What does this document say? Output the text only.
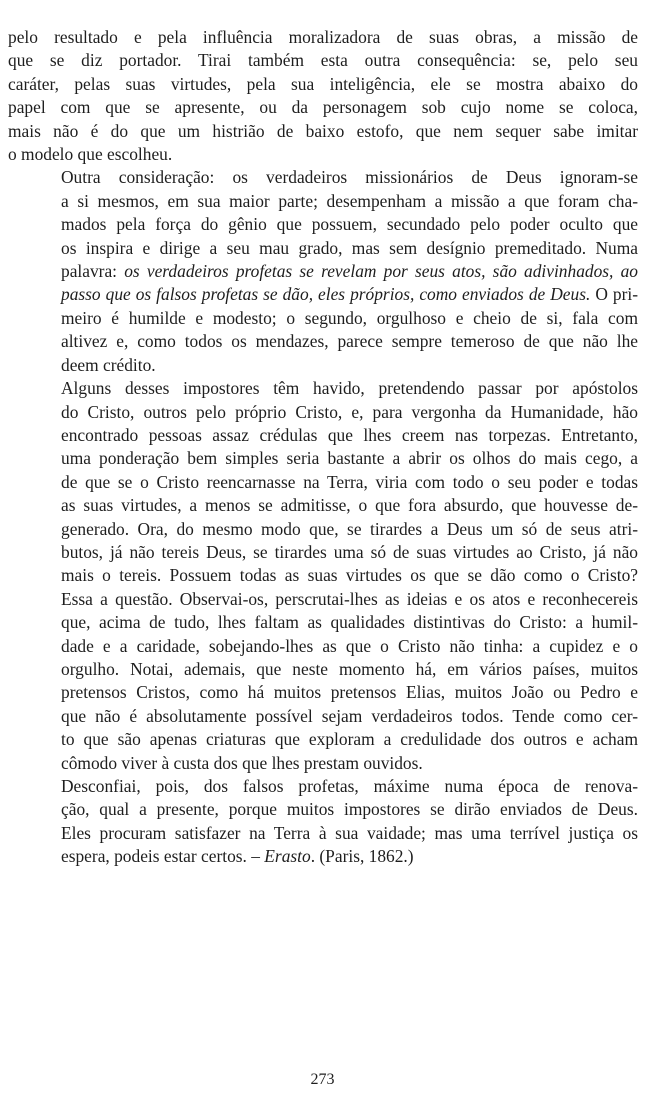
pelo resultado e pela influência moralizadora de suas obras, a missão de
que se diz portador. Tirai também esta outra consequência: se, pelo seu
caráter, pelas suas virtudes, pela sua inteligência, ele se mostra abaixo do
papel com que se apresente, ou da personagem sob cujo nome se coloca,
mais não é do que um histrião de baixo estofo, que nem sequer sabe imitar
o modelo que escolheu.

Outra consideração: os verdadeiros missionários de Deus ignoram-se
a si mesmos, em sua maior parte; desempenham a missão a que foram cha-
mados pela força do gênio que possuem, secundado pelo poder oculto que
os inspira e dirige a seu mau grado, mas sem desígnio premeditado. Numa
palavra: os verdadeiros profetas se revelam por seus atos, são adivinhados, ao
passo que os falsos profetas se dão, eles próprios, como enviados de Deus. O pri-
meiro é humilde e modesto; o segundo, orgulhoso e cheio de si, fala com
altivez e, como todos os mendazes, parece sempre temeroso de que não lhe
deem crédito.

Alguns desses impostores têm havido, pretendendo passar por apóstolos
do Cristo, outros pelo próprio Cristo, e, para vergonha da Humanidade, hão
encontrado pessoas assaz crédulas que lhes creem nas torpezas. Entretanto,
uma ponderação bem simples seria bastante a abrir os olhos do mais cego, a
de que se o Cristo reencarnasse na Terra, viria com todo o seu poder e todas
as suas virtudes, a menos se admitisse, o que fora absurdo, que houvesse de-
generado. Ora, do mesmo modo que, se tirardes a Deus um só de seus atri-
butos, já não tereis Deus, se tirardes uma só de suas virtudes ao Cristo, já não
mais o tereis. Possuem todas as suas virtudes os que se dão como o Cristo?
Essa a questão. Observai-os, perscrutai-lhes as ideias e os atos e reconhecereis
que, acima de tudo, lhes faltam as qualidades distintivas do Cristo: a humil-
dade e a caridade, sobejando-lhes as que o Cristo não tinha: a cupidez e o
orgulho. Notai, ademais, que neste momento há, em vários países, muitos
pretensos Cristos, como há muitos pretensos Elias, muitos João ou Pedro e
que não é absolutamente possível sejam verdadeiros todos. Tende como cer-
to que são apenas criaturas que exploram a credulidade dos outros e acham
cômodo viver à custa dos que lhes prestam ouvidos.

Desconfiai, pois, dos falsos profetas, máxime numa época de renova-
ção, qual a presente, porque muitos impostores se dirão enviados de Deus.
Eles procuram satisfazer na Terra à sua vaidade; mas uma terrível justiça os
espera, podeis estar certos. – Erasto. (Paris, 1862.)

273
